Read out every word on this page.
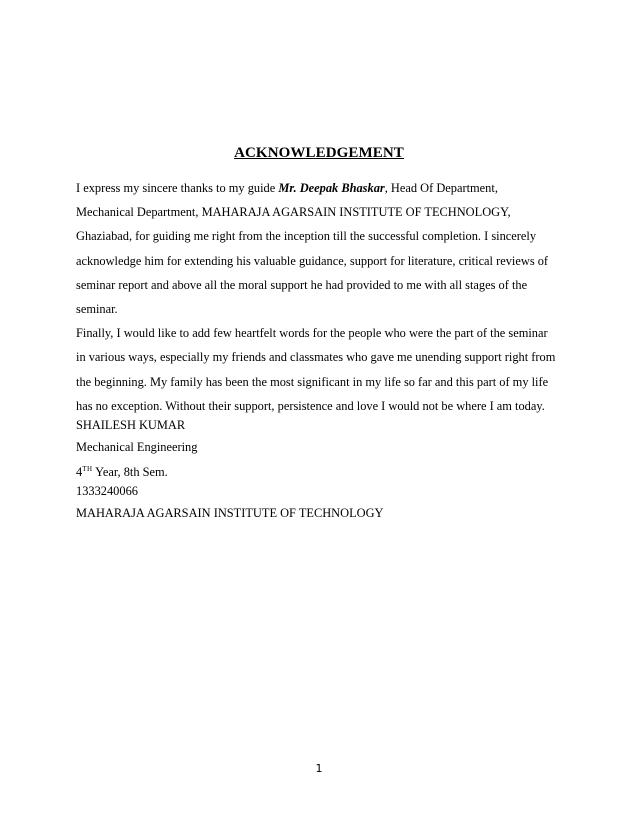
ACKNOWLEDGEMENT
I express my sincere thanks to my guide Mr. Deepak Bhaskar, Head Of Department,
Mechanical Department, MAHARAJA AGARSAIN INSTITUTE OF TECHNOLOGY,
Ghaziabad, for guiding me right from the inception till the successful completion. I sincerely
acknowledge him for extending his valuable guidance, support for literature, critical reviews of
seminar report and above all the moral support he had provided to me with all stages of the
seminar.
Finally, I would like to add few heartfelt words for the people who were the part of the seminar
in various ways, especially my friends and classmates who gave me unending support right from
the beginning. My family has been the most significant in my life so far and this part of my life
has no exception. Without their support, persistence and love I would not be where I am today.
SHAILESH KUMAR
Mechanical Engineering
4TH Year, 8th Sem.
1333240066
MAHARAJA AGARSAIN INSTITUTE OF TECHNOLOGY
1
